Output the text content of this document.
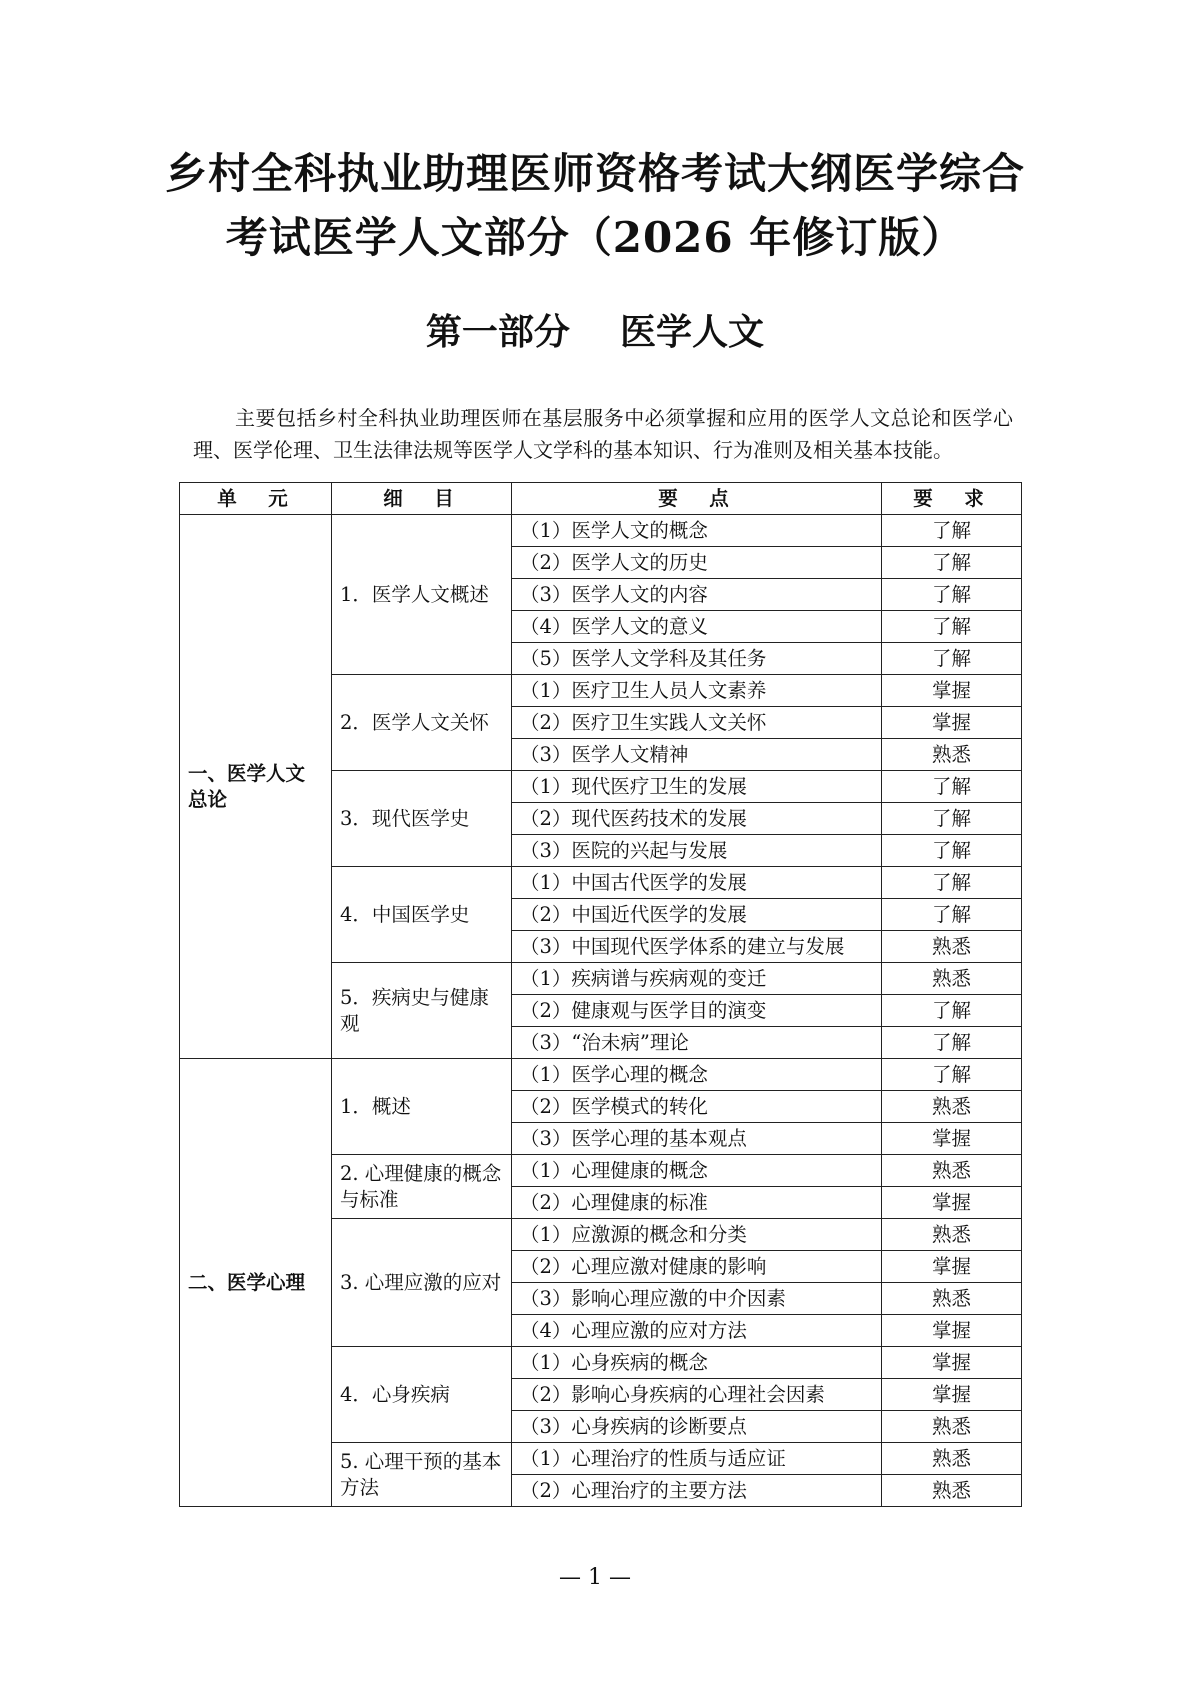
乡村全科执业助理医师资格考试大纲医学综合
考试医学人文部分（2026 年修订版）
第一部分    医学人文

主要包括乡村全科执业助理医师在基层服务中必须掌握和应用的医学人文总论和医学心理、医学伦理、卫生法律法规等医学人文学科的基本知识、行为准则及相关基本技能。

单　元	细　目	要　点	要　求
一、医学人文总论	1．医学人文概述	（1）医学人文的概念	了解
		（2）医学人文的历史	了解
		（3）医学人文的内容	了解
		（4）医学人文的意义	了解
		（5）医学人文学科及其任务	了解
	2．医学人文关怀	（1）医疗卫生人员人文素养	掌握
		（2）医疗卫生实践人文关怀	掌握
		（3）医学人文精神	熟悉
	3．现代医学史	（1）现代医疗卫生的发展	了解
		（2）现代医药技术的发展	了解
		（3）医院的兴起与发展	了解
	4．中国医学史	（1）中国古代医学的发展	了解
		（2）中国近代医学的发展	了解
		（3）中国现代医学体系的建立与发展	熟悉
	5．疾病史与健康观	（1）疾病谱与疾病观的变迁	熟悉
		（2）健康观与医学目的演变	了解
		（3）“治未病”理论	了解
二、医学心理	1．概述	（1）医学心理的概念	了解
		（2）医学模式的转化	熟悉
		（3）医学心理的基本观点	掌握
	2. 心理健康的概念与标准	（1）心理健康的概念	熟悉
		（2）心理健康的标准	掌握
	3. 心理应激的应对	（1）应激源的概念和分类	熟悉
		（2）心理应激对健康的影响	掌握
		（3）影响心理应激的中介因素	熟悉
		（4）心理应激的应对方法	掌握
	4．心身疾病	（1）心身疾病的概念	掌握
		（2）影响心身疾病的心理社会因素	掌握
		（3）心身疾病的诊断要点	熟悉
	5. 心理干预的基本方法	（1）心理治疗的性质与适应证	熟悉
		（2）心理治疗的主要方法	熟悉
— 1 —
